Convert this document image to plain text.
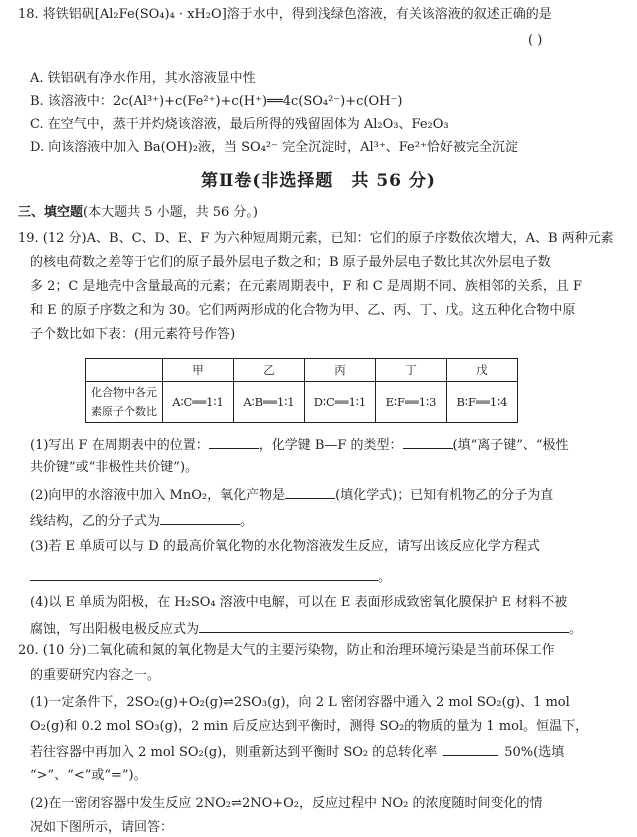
18. 将铁铝矾[Al₂Fe(SO₄)₄ · xH₂O]溶于水中，得到浅绿色溶液，有关该溶液的叙述正确的是
( )
A. 铁铝矾有净水作用，其水溶液显中性
B. 该溶液中：2c(Al³⁺)+c(Fe²⁺)+c(H⁺)══4c(SO₄²⁻)+c(OH⁻)
C. 在空气中，蒸干并灼烧该溶液，最后所得的残留固体为 Al₂O₃、Fe₂O₃
D. 向该溶液中加入 Ba(OH)₂液，当 SO₄²⁻ 完全沉淀时，Al³⁺、Fe²⁺恰好被完全沉淀
第Ⅱ卷(非选择题　共 56 分)
三、填空题(本大题共 5 小题，共 56 分。)
19. (12 分)A、B、C、D、E、F 为六种短周期元素，已知：它们的原子序数依次增大，A、B 两种元素
的核电荷数之差等于它们的原子最外层电子数之和；B 原子最外层电子数比其次外层电子数
多 2；C 是地壳中含量最高的元素；在元素周期表中，F 和 C 是周期不同、族相邻的关系，且 F
和 E 的原子序数之和为 30。它们两两形成的化合物为甲、乙、丙、丁、戊。这五种化合物中原
子个数比如下表：(用元素符号作答)
	甲	乙	丙	丁	戊
化合物中各元
素原子个数比	A∶C══1∶1	A∶B══1∶1	D∶C══1∶1	E∶F══1∶3	B∶F══1∶4
(1)写出 F 在周期表中的位置：	，化学键 B—F 的类型：	(填“离子键”、“极性
共价键”或“非极性共价键”)。
(2)向甲的水溶液中加入 MnO₂，氧化产物是	(填化学式)；已知有机物乙的分子为直
线结构，乙的分子式为	。
(3)若 E 单质可以与 D 的最高价氧化物的水化物溶液发生反应，请写出该反应化学方程式
。
(4)以 E 单质为阳极，在 H₂SO₄ 溶液中电解，可以在 E 表面形成致密氧化膜保护 E 材料不被
腐蚀，写出阳极电极反应式为	。
20. (10 分)二氧化硫和氮的氧化物是大气的主要污染物，防止和治理环境污染是当前环保工作
的重要研究内容之一。
(1)一定条件下，2SO₂(g)+O₂(g)⇌2SO₃(g)，向 2 L 密闭容器中通入 2 mol SO₂(g)、1 mol
O₂(g)和 0.2 mol SO₃(g)，2 min 后反应达到平衡时，测得 SO₂的物质的量为 1 mol。恒温下，
若往容器中再加入 2 mol SO₂(g)，则重新达到平衡时 SO₂ 的总转化率	50%(选填
“>”、“<”或“=”)。
(2)在一密闭容器中发生反应 2NO₂⇌2NO+O₂，反应过程中 NO₂ 的浓度随时间变化的情
况如下图所示，请回答：
